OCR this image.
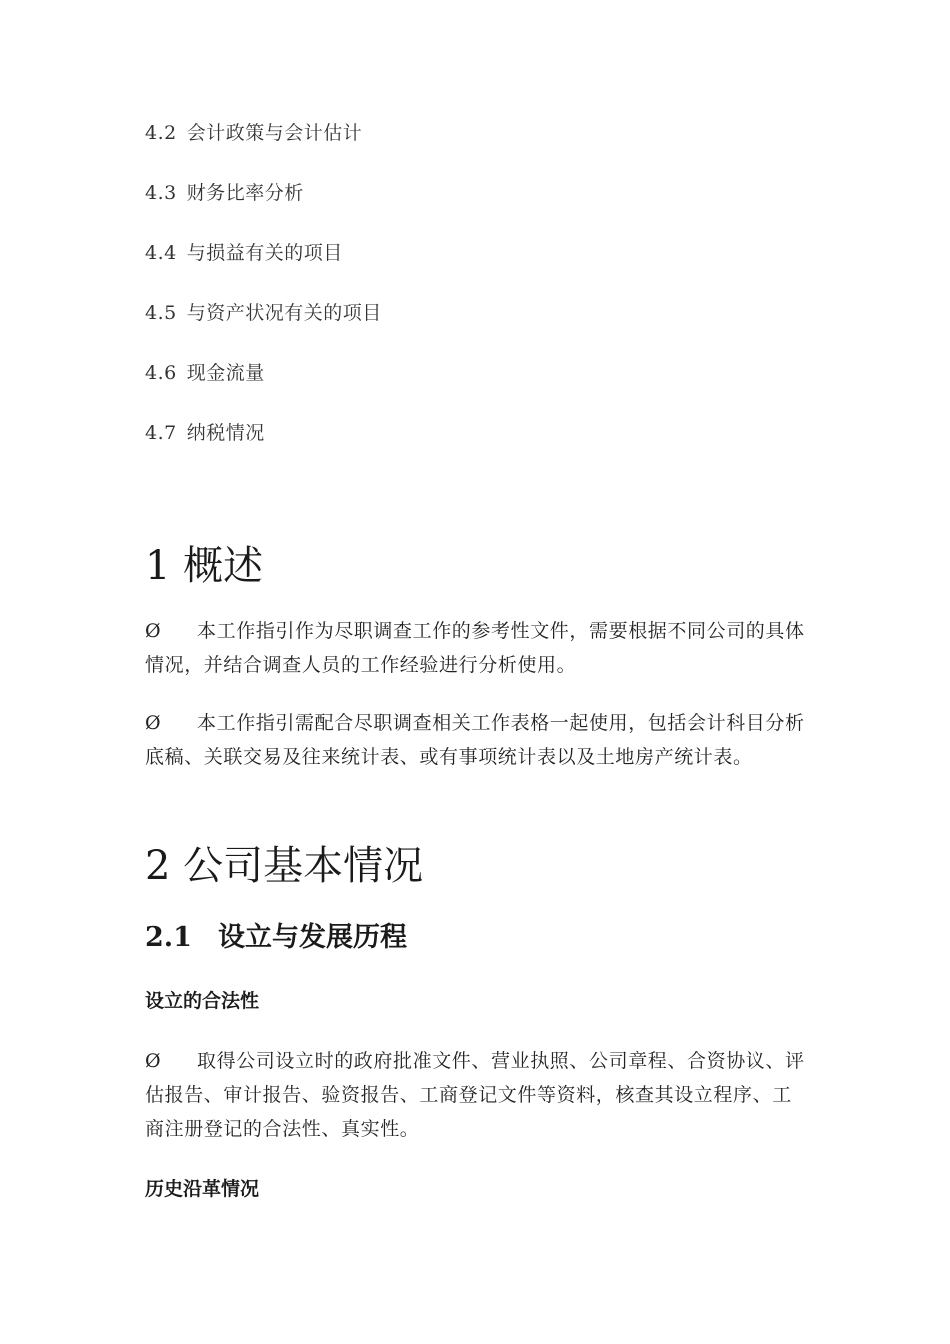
4.2 会计政策与会计估计
4.3 财务比率分析
4.4 与损益有关的项目
4.5 与资产状况有关的项目
4.6 现金流量
4.7 纳税情况
1 概述
Ø 本工作指引作为尽职调查工作的参考性文件，需要根据不同公司的具体情况，并结合调查人员的工作经验进行分析使用。
Ø 本工作指引需配合尽职调查相关工作表格一起使用，包括会计科目分析底稿、关联交易及往来统计表、或有事项统计表以及土地房产统计表。
2 公司基本情况
2.1 设立与发展历程
设立的合法性
Ø 取得公司设立时的政府批准文件、营业执照、公司章程、合资协议、评估报告、审计报告、验资报告、工商登记文件等资料，核查其设立程序、工商注册登记的合法性、真实性。
历史沿革情况
